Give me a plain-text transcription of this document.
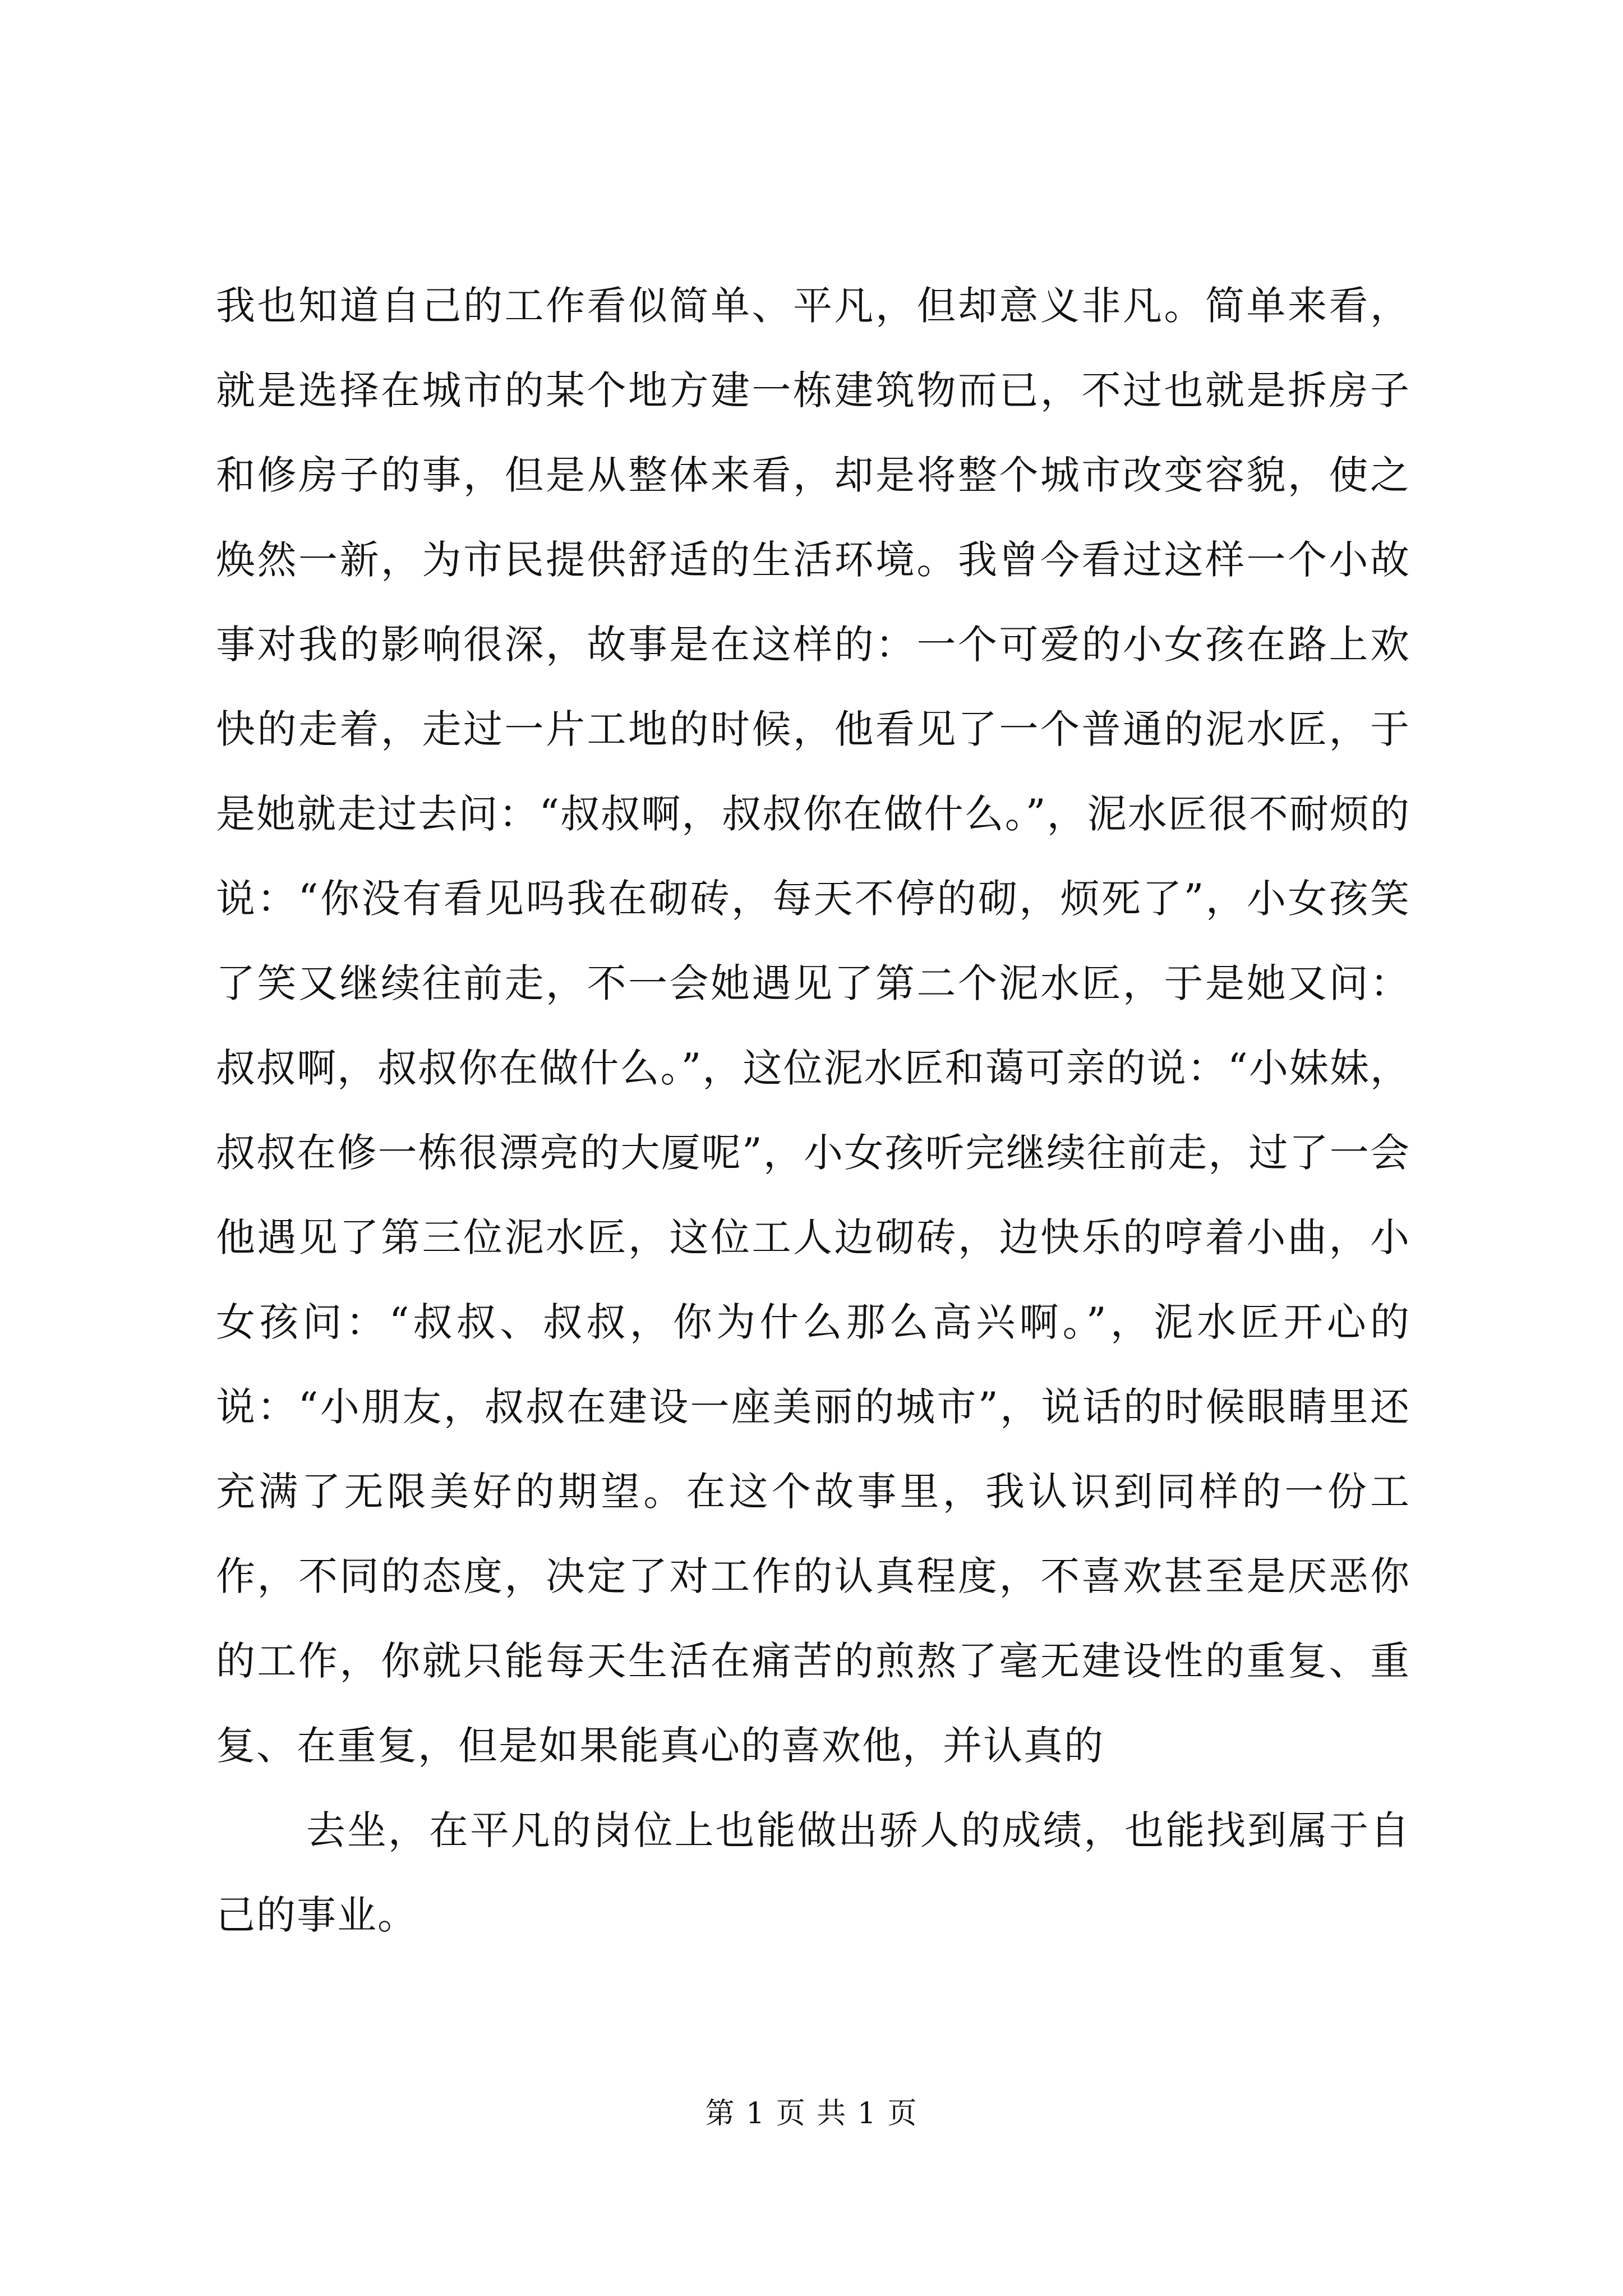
我也知道自己的工作看似简单、平凡，但却意义非凡。简单来看，就是选择在城市的某个地方建一栋建筑物而已，不过也就是拆房子和修房子的事，但是从整体来看，却是将整个城市改变容貌，使之焕然一新，为市民提供舒适的生活环境。我曾今看过这样一个小故事对我的影响很深，故事是在这样的：一个可爱的小女孩在路上欢快的走着，走过一片工地的时候，他看见了一个普通的泥水匠，于是她就走过去问：“叔叔啊，叔叔你在做什么。”，泥水匠很不耐烦的说：“你没有看见吗我在砌砖，每天不停的砌，烦死了”，小女孩笑了笑又继续往前走，不一会她遇见了第二个泥水匠，于是她又问：叔叔啊，叔叔你在做什么。”，这位泥水匠和蔼可亲的说：“小妹妹，叔叔在修一栋很漂亮的大厦呢”，小女孩听完继续往前走，过了一会他遇见了第三位泥水匠，这位工人边砌砖，边快乐的哼着小曲，小女孩问：“叔叔、叔叔，你为什么那么高兴啊。”，泥水匠开心的说：“小朋友，叔叔在建设一座美丽的城市”，说话的时候眼睛里还充满了无限美好的期望。在这个故事里，我认识到同样的一份工作，不同的态度，决定了对工作的认真程度，不喜欢甚至是厌恶你的工作，你就只能每天生活在痛苦的煎熬了毫无建设性的重复、重复、在重复，但是如果能真心的喜欢他，并认真的

去坐，在平凡的岗位上也能做出骄人的成绩，也能找到属于自己的事业。

第 1 页 共 1 页
